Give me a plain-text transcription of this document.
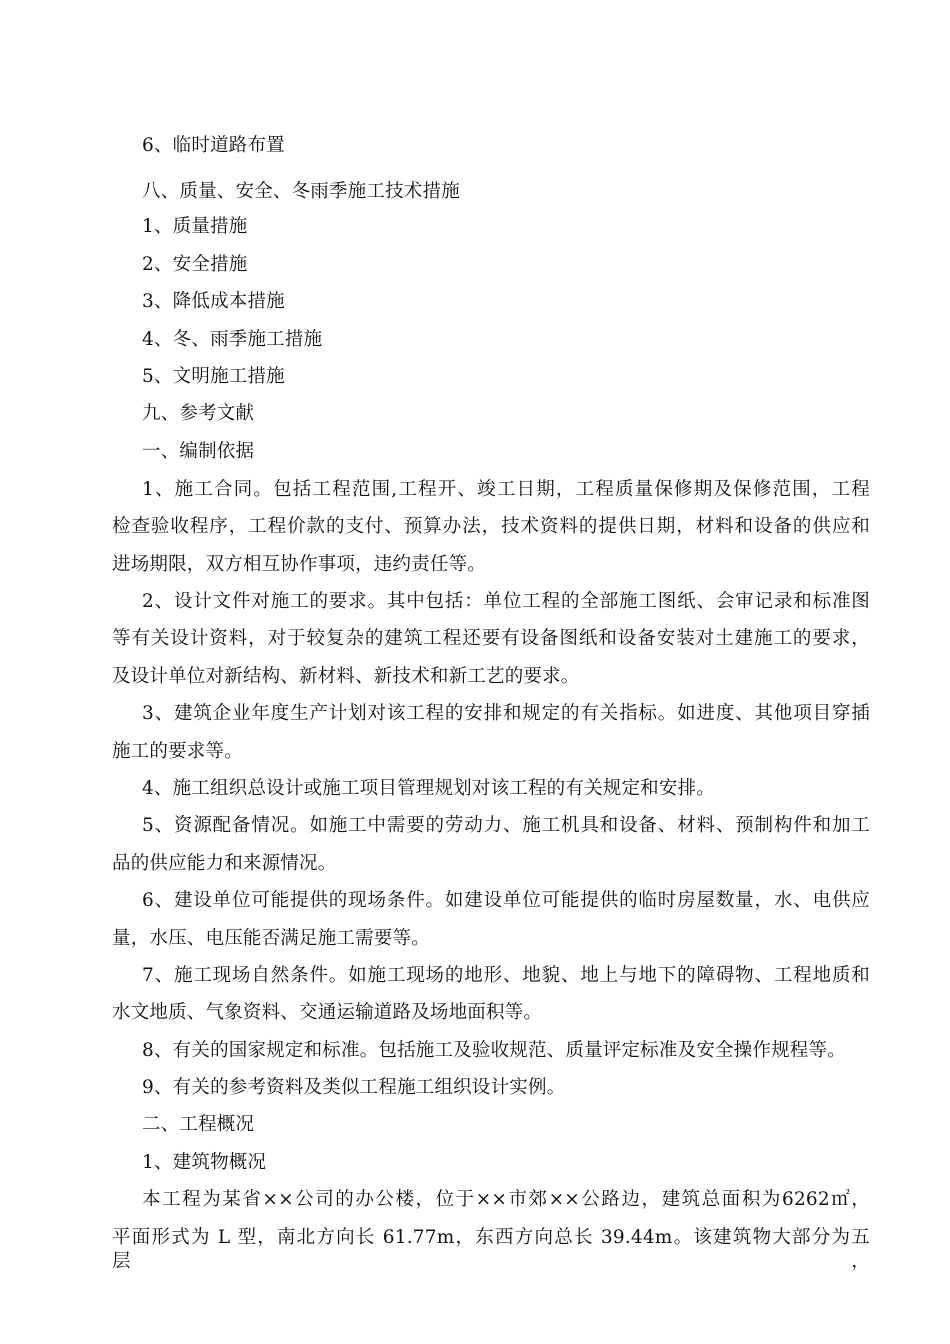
6、临时道路布置
八、质量、安全、冬雨季施工技术措施
1、质量措施
2、安全措施
3、降低成本措施
4、冬、雨季施工措施
5、文明施工措施
九、参考文献
一、编制依据
1、施工合同。包括工程范围,工程开、竣工日期，工程质量保修期及保修范围，工程
检查验收程序，工程价款的支付、预算办法，技术资料的提供日期，材料和设备的供应和
进场期限，双方相互协作事项，违约责任等。
2、设计文件对施工的要求。其中包括：单位工程的全部施工图纸、会审记录和标准图
等有关设计资料，对于较复杂的建筑工程还要有设备图纸和设备安装对土建施工的要求，
及设计单位对新结构、新材料、新技术和新工艺的要求。
3、建筑企业年度生产计划对该工程的安排和规定的有关指标。如进度、其他项目穿插
施工的要求等。
4、施工组织总设计或施工项目管理规划对该工程的有关规定和安排。
5、资源配备情况。如施工中需要的劳动力、施工机具和设备、材料、预制构件和加工
品的供应能力和来源情况。
6、建设单位可能提供的现场条件。如建设单位可能提供的临时房屋数量，水、电供应
量，水压、电压能否满足施工需要等。
7、施工现场自然条件。如施工现场的地形、地貌、地上与地下的障碍物、工程地质和
水文地质、气象资料、交通运输道路及场地面积等。
8、有关的国家规定和标准。包括施工及验收规范、质量评定标准及安全操作规程等。
9、有关的参考资料及类似工程施工组织设计实例。
二、工程概况
1、建筑物概况
本工程为某省××公司的办公楼，位于××市郊××公路边，建筑总面积为6262㎡，
平面形式为 L 型，南北方向长 61.77m，东西方向总长 39.44m。该建筑物大部分为五层，
